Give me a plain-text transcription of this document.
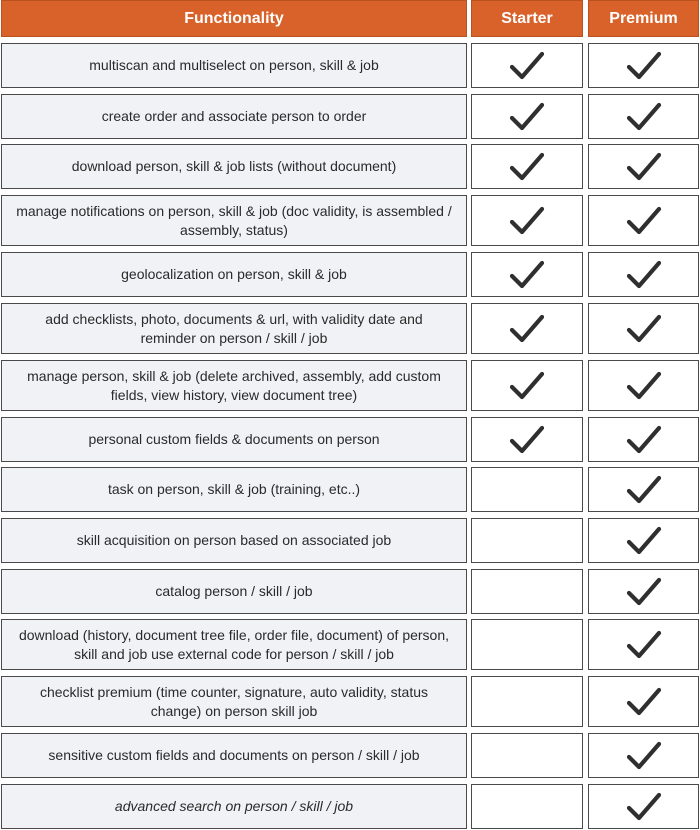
Functionality	Starter	Premium
multiscan and multiselect on person, skill & job
create order and associate person to order
download person, skill & job lists (without document)
manage notifications on person, skill & job (doc validity, is assembled / assembly, status)
geolocalization on person, skill & job
add checklists, photo, documents & url, with validity date and reminder on person / skill / job
manage person, skill & job (delete archived, assembly, add custom fields, view history, view document tree)
personal custom fields & documents on person
task on person, skill & job (training, etc..)
skill acquisition on person based on associated job
catalog person / skill / job
download (history, document tree file, order file, document) of person, skill and job use external code for person / skill / job
checklist premium (time counter, signature, auto validity, status change) on person skill job
sensitive custom fields and documents on person / skill / job
advanced search on person / skill / job
